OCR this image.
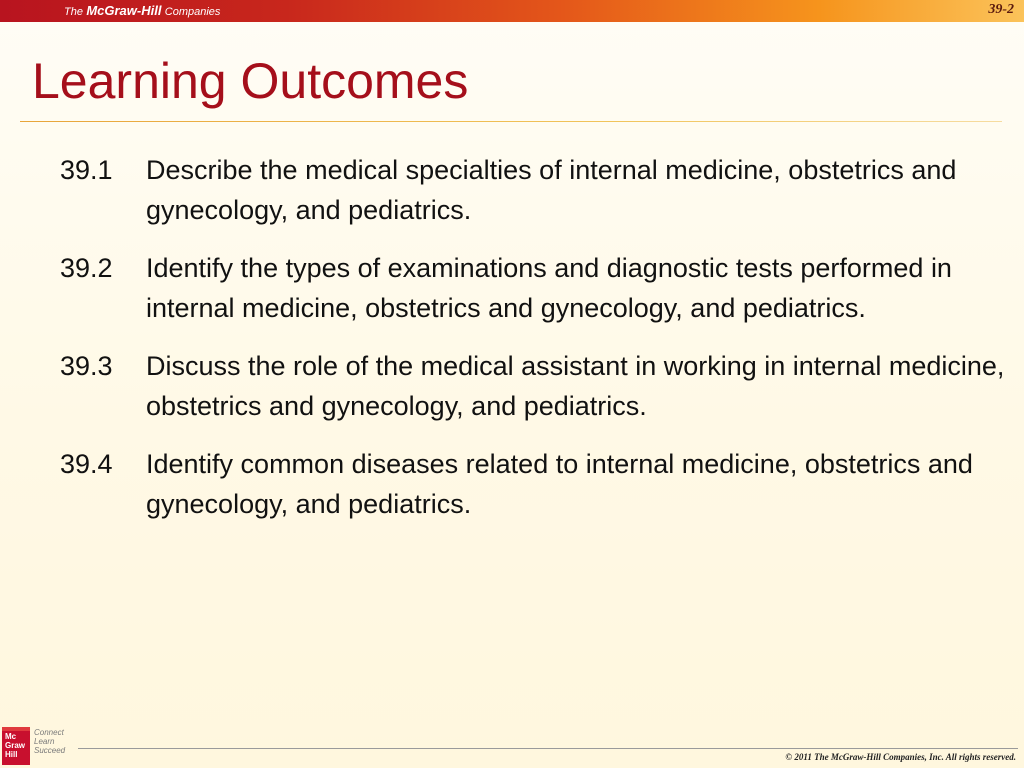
The McGraw-Hill Companies	39-2
Learning Outcomes
39.1	Describe the medical specialties of internal medicine, obstetrics and gynecology, and pediatrics.
39.2	Identify the types of examinations and diagnostic tests performed in internal medicine, obstetrics and gynecology, and pediatrics.
39.3	Discuss the role of the medical assistant in working in internal medicine, obstetrics and gynecology, and pediatrics.
39.4	Identify common diseases related to internal medicine, obstetrics and gynecology, and pediatrics.
Mc
Graw
Hill
Connect
Learn
Succeed
© 2011 The McGraw-Hill Companies, Inc. All rights reserved.
